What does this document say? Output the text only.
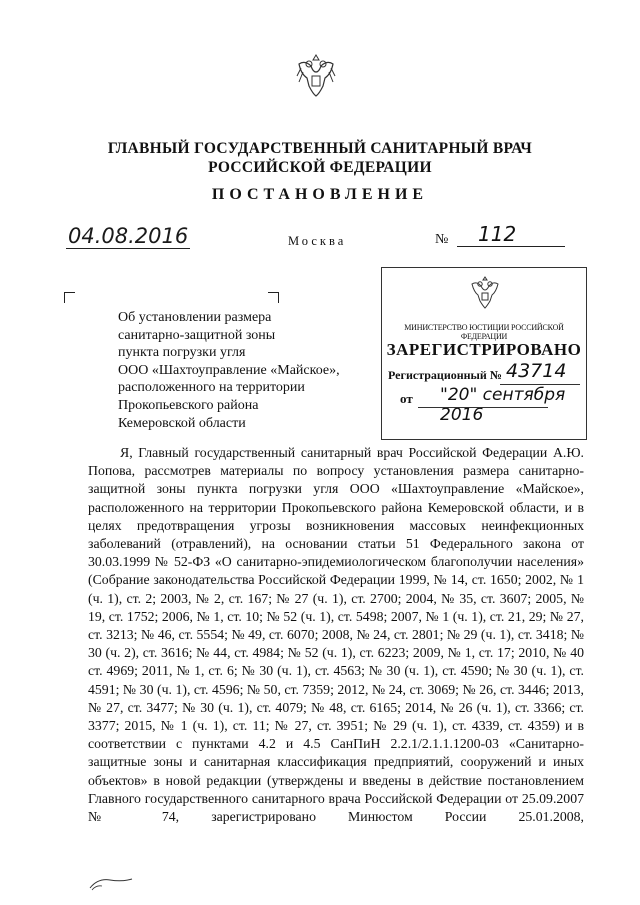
ГЛАВНЫЙ ГОСУДАРСТВЕННЫЙ САНИТАРНЫЙ ВРАЧ
РОССИЙСКОЙ ФЕДЕРАЦИИ
ПОСТАНОВЛЕНИЕ
04.08.2016	Москва	№ 112
Об установлении размера
санитарно-защитной зоны
пункта погрузки угля
ООО «Шахтоуправление «Майское»,
расположенного на территории
Прокопьевского района
Кемеровской области
МИНИСТЕРСТВО ЮСТИЦИИ РОССИЙСКОЙ ФЕДЕРАЦИИ
ЗАРЕГИСТРИРОВАНО
Регистрационный № 43714
от "20" сентября 2016

Я, Главный государственный санитарный врач Российской Федерации А.Ю. Попова, рассмотрев материалы по вопросу установления размера санитарно-защитной зоны пункта погрузки угля ООО «Шахтоуправление «Майское», расположенного на территории Прокопьевского района Кемеровской области, и в целях предотвращения угрозы возникновения массовых неинфекционных заболеваний (отравлений), на основании статьи 51 Федерального закона от 30.03.1999 № 52-ФЗ «О санитарно-эпидемиологическом благополучии населения» (Собрание законодательства Российской Федерации 1999, № 14, ст. 1650; 2002, № 1 (ч. 1), ст. 2; 2003, № 2, ст. 167; № 27 (ч. 1), ст. 2700; 2004, № 35, ст. 3607; 2005, № 19, ст. 1752; 2006, № 1, ст. 10; № 52 (ч. 1), ст. 5498; 2007, № 1 (ч. 1), ст. 21, 29; № 27, ст. 3213; № 46, ст. 5554; № 49, ст. 6070; 2008, № 24, ст. 2801; № 29 (ч. 1), ст. 3418; № 30 (ч. 2), ст. 3616; № 44, ст. 4984; № 52 (ч. 1), ст. 6223; 2009, № 1, ст. 17; 2010, № 40 ст. 4969; 2011, № 1, ст. 6; № 30 (ч. 1), ст. 4563; № 30 (ч. 1), ст. 4590; № 30 (ч. 1), ст. 4591; № 30 (ч. 1), ст. 4596; № 50, ст. 7359; 2012, № 24, ст. 3069; № 26, ст. 3446; 2013, № 27, ст. 3477; № 30 (ч. 1), ст. 4079; № 48, ст. 6165; 2014, № 26 (ч. 1), ст. 3366; ст. 3377; 2015, № 1 (ч. 1), ст. 11; № 27, ст. 3951; № 29 (ч. 1), ст. 4339, ст. 4359) и в соответствии с пунктами 4.2 и 4.5 СанПиН 2.2.1/2.1.1.1200-03 «Санитарно-защитные зоны и санитарная классификация предприятий, сооружений и иных объектов» в новой редакции (утверждены и введены в действие постановлением Главного государственного санитарного врача Российской Федерации от 25.09.2007 № 74, зарегистрировано Минюстом России 25.01.2008,
